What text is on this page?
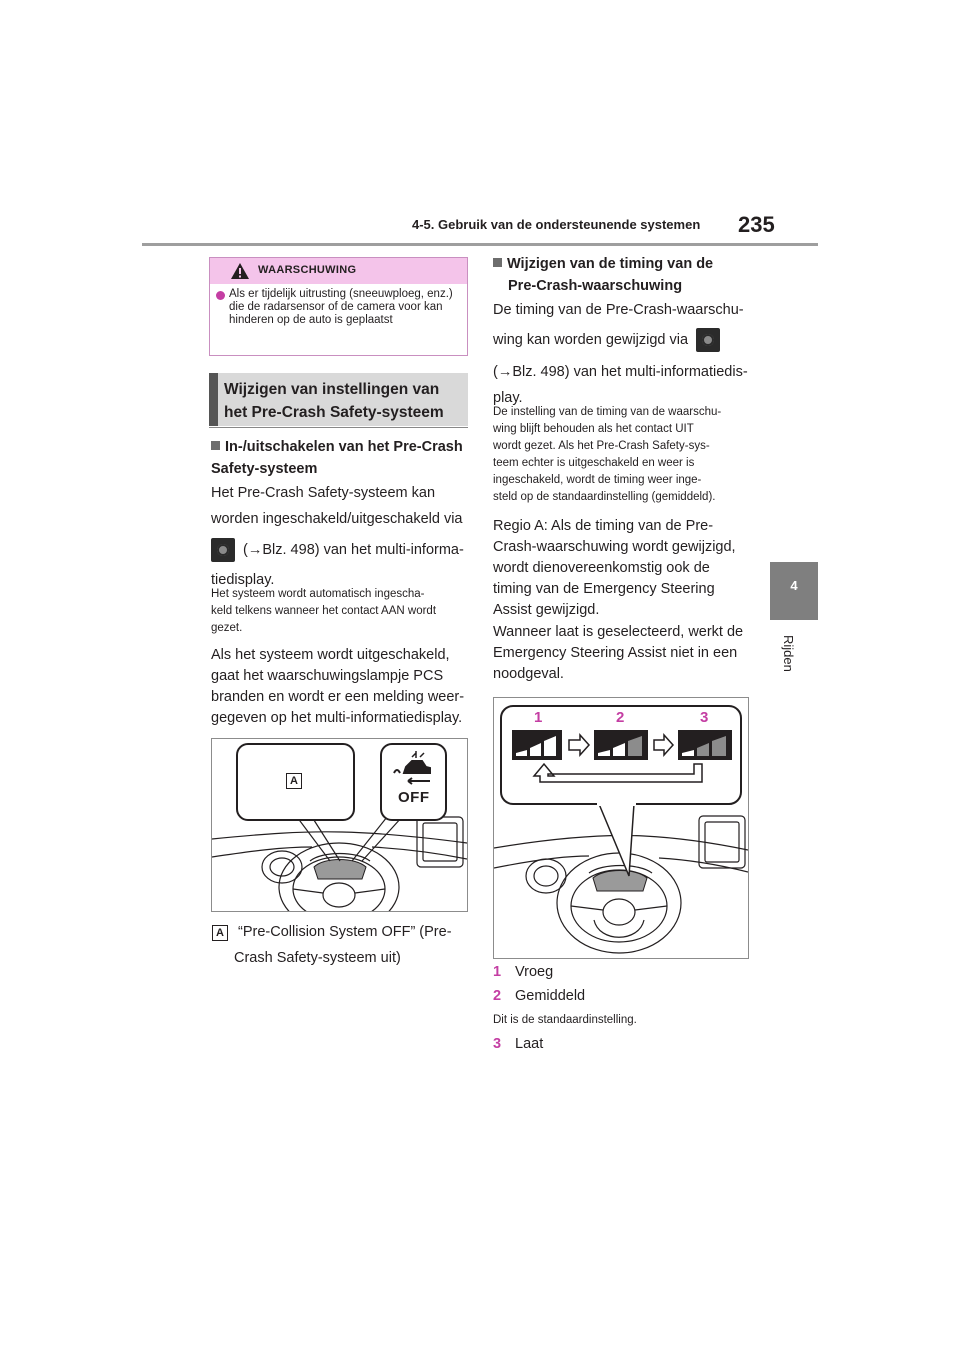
4-5. Gebruik van de ondersteunende systemen 235
4
Rijden
WAARSCHUWING
Als er tijdelijk uitrusting (sneeuwploeg, enz.) die de radarsensor of de camera voor kan hinderen op de auto is geplaatst
Wijzigen van instellingen van het Pre-Crash Safety-systeem
In-/uitschakelen van het Pre-Crash Safety-systeem
Het Pre-Crash Safety-systeem kan
worden ingeschakeld/uitgeschakeld via
(→Blz. 498) van het multi-informa-
tiedisplay.
Het systeem wordt automatisch ingescha-
keld telkens wanneer het contact AAN wordt
gezet.
Als het systeem wordt uitgeschakeld,
gaat het waarschuwingslampje PCS
branden en wordt er een melding weer-
gegeven op het multi-informatiedisplay.
A
OFF
A “Pre-Collision System OFF” (Pre-
Crash Safety-systeem uit)
Wijzigen van de timing van de
Pre-Crash-waarschuwing
De timing van de Pre-Crash-waarschu-
wing kan worden gewijzigd via
(→Blz. 498) van het multi-informatiedis-
play.
De instelling van de timing van de waarschu-
wing blijft behouden als het contact UIT
wordt gezet. Als het Pre-Crash Safety-sys-
teem echter is uitgeschakeld en weer is
ingeschakeld, wordt de timing weer inge-
steld op de standaardinstelling (gemiddeld).
Regio A: Als de timing van de Pre-
Crash-waarschuwing wordt gewijzigd,
wordt dienovereenkomstig ook de
timing van de Emergency Steering
Assist gewijzigd.
Wanneer laat is geselecteerd, werkt de
Emergency Steering Assist niet in een
noodgeval.
1	2	3
1 Vroeg
2 Gemiddeld
Dit is de standaardinstelling.
3 Laat
